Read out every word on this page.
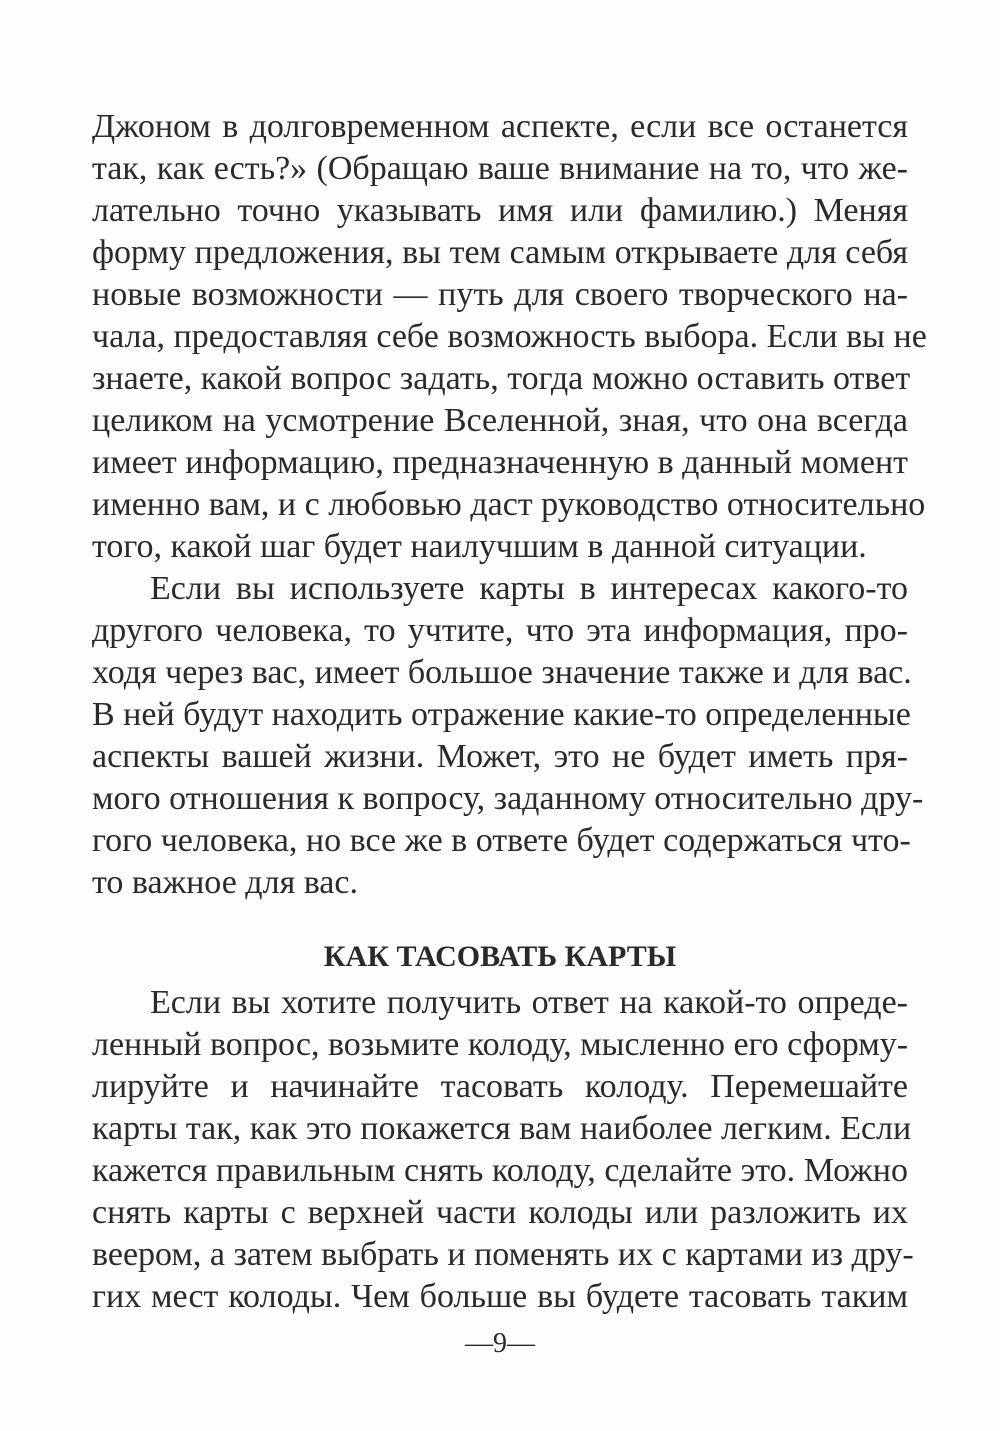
Джоном в долговременном аспекте, если все останется
так, как есть?» (Обращаю ваше внимание на то, что же-
лательно точно указывать имя или фамилию.) Меняя
форму предложения, вы тем самым открываете для себя
новые возможности — путь для своего творческого на-
чала, предоставляя себе возможность выбора. Если вы не
знаете, какой вопрос задать, тогда можно оставить ответ
целиком на усмотрение Вселенной, зная, что она всегда
имеет информацию, предназначенную в данный момент
именно вам, и с любовью даст руководство относительно
того, какой шаг будет наилучшим в данной ситуации.
Если вы используете карты в интересах какого-то
другого человека, то учтите, что эта информация, про-
ходя через вас, имеет большое значение также и для вас.
В ней будут находить отражение какие-то определенные
аспекты вашей жизни. Может, это не будет иметь пря-
мого отношения к вопросу, заданному относительно дру-
гого человека, но все же в ответе будет содержаться что-
то важное для вас.
КАК ТАСОВАТЬ КАРТЫ
Если вы хотите получить ответ на какой-то опреде-
ленный вопрос, возьмите колоду, мысленно его сформу-
лируйте и начинайте тасовать колоду. Перемешайте
карты так, как это покажется вам наиболее легким. Если
кажется правильным снять колоду, сделайте это. Можно
снять карты с верхней части колоды или разложить их
веером, а затем выбрать и поменять их с картами из дру-
гих мест колоды. Чем больше вы будете тасовать таким
—9—
